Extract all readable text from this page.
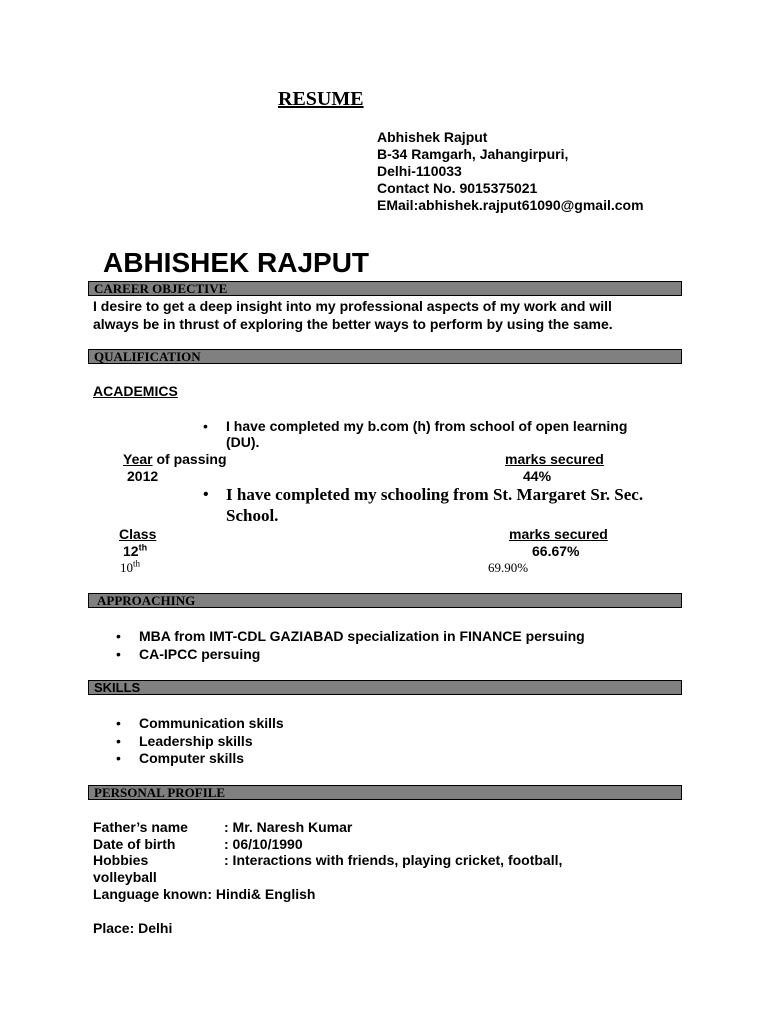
RESUME
Abhishek Rajput
B-34 Ramgarh, Jahangirpuri,
Delhi-110033
Contact No. 9015375021
EMail:abhishek.rajput61090@gmail.com
ABHISHEK RAJPUT
CAREER OBJECTIVE
I desire to get a deep insight into my professional aspects of my work and will
always be in thrust of exploring the better ways to perform by using the same.
QUALIFICATION
ACADEMICS
• I have completed my b.com (h) from school of open learning
(DU).
Year of passing	marks secured
2012	44%
• I have completed my schooling from St. Margaret Sr. Sec.
School.
Class	marks secured
12th	66.67%
10th	69.90%
APPROACHING
• MBA from IMT-CDL GAZIABAD specialization in FINANCE persuing
• CA-IPCC persuing
SKILLS
• Communication skills
• Leadership skills
• Computer skills
PERSONAL PROFILE
Father’s name	: Mr. Naresh Kumar
Date of birth	: 06/10/1990
Hobbies	: Interactions with friends, playing cricket, football,
volleyball
Language known: Hindi& English
Place: Delhi
